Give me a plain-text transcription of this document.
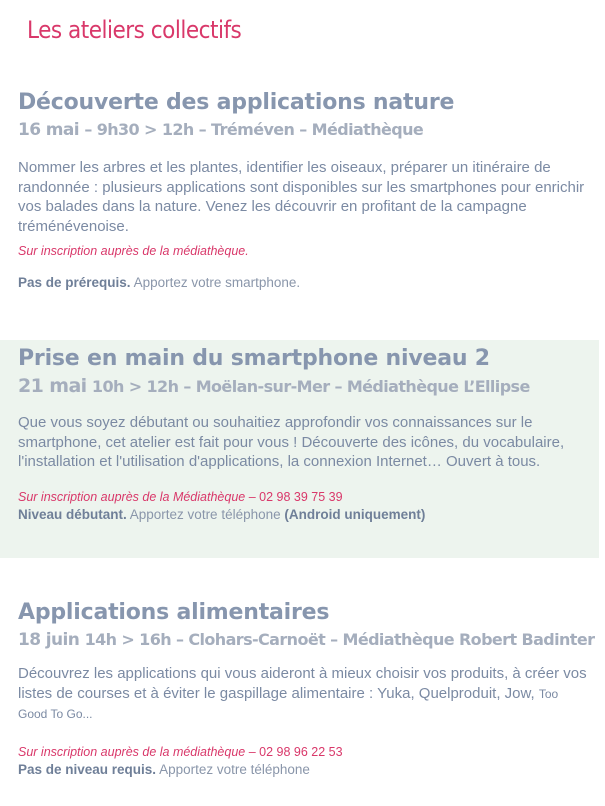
Les ateliers collectifs
Découverte des applications nature

16 mai – 9h30 > 12h – Tréméven – Médiathèque

Nommer les arbres et les plantes, identifier les oiseaux, préparer un itinéraire de randonnée : plusieurs applications sont disponibles sur les smartphones pour enrichir vos balades dans la nature. Venez les découvrir en profitant de la campagne tréménévenoise.

Sur inscription auprès de la médiathèque.

Pas de prérequis. Apportez votre smartphone.

Prise en main du smartphone niveau 2

21 mai 10h > 12h – Moëlan-sur-Mer – Médiathèque L’Ellipse

Que vous soyez débutant ou souhaitiez approfondir vos connaissances sur le smartphone, cet atelier est fait pour vous ! Découverte des icônes, du vocabulaire, l'installation et l'utilisation d'applications, la connexion Internet… Ouvert à tous.

Sur inscription auprès de la Médiathèque – 02 98 39 75 39

Niveau débutant. Apportez votre téléphone (Android uniquement)

Applications alimentaires

18 juin 14h > 16h – Clohars-Carnoët – Médiathèque Robert Badinter

Découvrez les applications qui vous aideront à mieux choisir vos produits, à créer vos listes de courses et à éviter le gaspillage alimentaire : Yuka, Quelproduit, Jow, Too Good To Go...

Sur inscription auprès de la médiathèque – 02 98 96 22 53

Pas de niveau requis. Apportez votre téléphone
